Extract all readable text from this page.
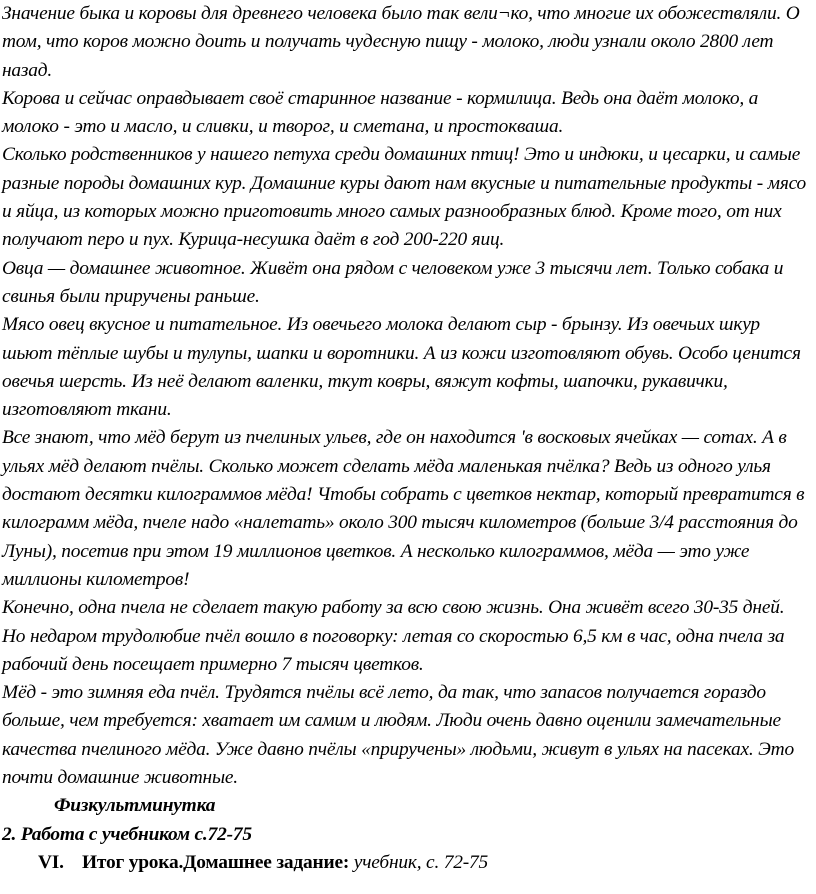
Значение быка и коровы для древнего человека было так вели¬ко, что многие их обожествляли. О том, что коров можно доить и получать чудесную пищу - молоко, люди узнали около 2800 лет назад.

Корова и сейчас оправдывает своё старинное название - кормилица. Ведь она даёт молоко, а молоко - это и масло, и сливки, и творог, и сметана, и простокваша.

Сколько родственников у нашего петуха среди домашних птиц! Это и индюки, и цесарки, и самые разные породы домашних кур. Домашние куры дают нам вкусные и питательные продукты - мясо и яйца, из которых можно приготовить много самых разнообразных блюд. Кроме того, от них получают перо и пух. Курица-несушка даёт в год 200-220 яиц.

Овца — домашнее животное. Живёт она рядом с человеком уже 3 тысячи лет. Только собака и свинья были приручены раньше.

Мясо овец вкусное и питательное. Из овечьего молока делают сыр - брынзу. Из овечьих шкур шьют тёплые шубы и тулупы, шапки и воротники. А из кожи изготовляют обувь. Особо ценится овечья шерсть. Из неё делают валенки, ткут ковры, вяжут кофты, шапочки, рукавички, изготовляют ткани.

Все знают, что мёд берут из пчелиных ульев, где он находится 'в восковых ячейках — сотах. А в ульях мёд делают пчёлы. Сколько может сделать мёда маленькая пчёлка? Ведь из одного улья достают десятки килограммов мёда! Чтобы собрать с цветков нектар, который превратится в килограмм мёда, пчеле надо «налетать» около 300 тысяч километров (больше 3/4 расстояния до Луны), посетив при этом 19 миллионов цветков. А несколько килограммов, мёда — это уже миллионы километров!

Конечно, одна пчела не сделает такую работу за всю свою жизнь. Она живёт всего 30-35 дней. Но недаром трудолюбие пчёл вошло в поговорку: летая со скоростью 6,5 км в час, одна пчела за рабочий день посещает примерно 7 тысяч цветков.

Мёд - это зимняя еда пчёл. Трудятся пчёлы всё лето, да так, что запасов получается гораздо больше, чем требуется: хватает им самим и людям. Люди очень давно оценили замечательные качества пчелиного мёда. Уже давно пчёлы «приручены» людьми, живут в ульях на пасеках. Это почти домашние животные.

Физкультминутка

2. Работа с учебником с.72-75

VI. Итог урока.Домашнее задание: учебник, с. 72-75
